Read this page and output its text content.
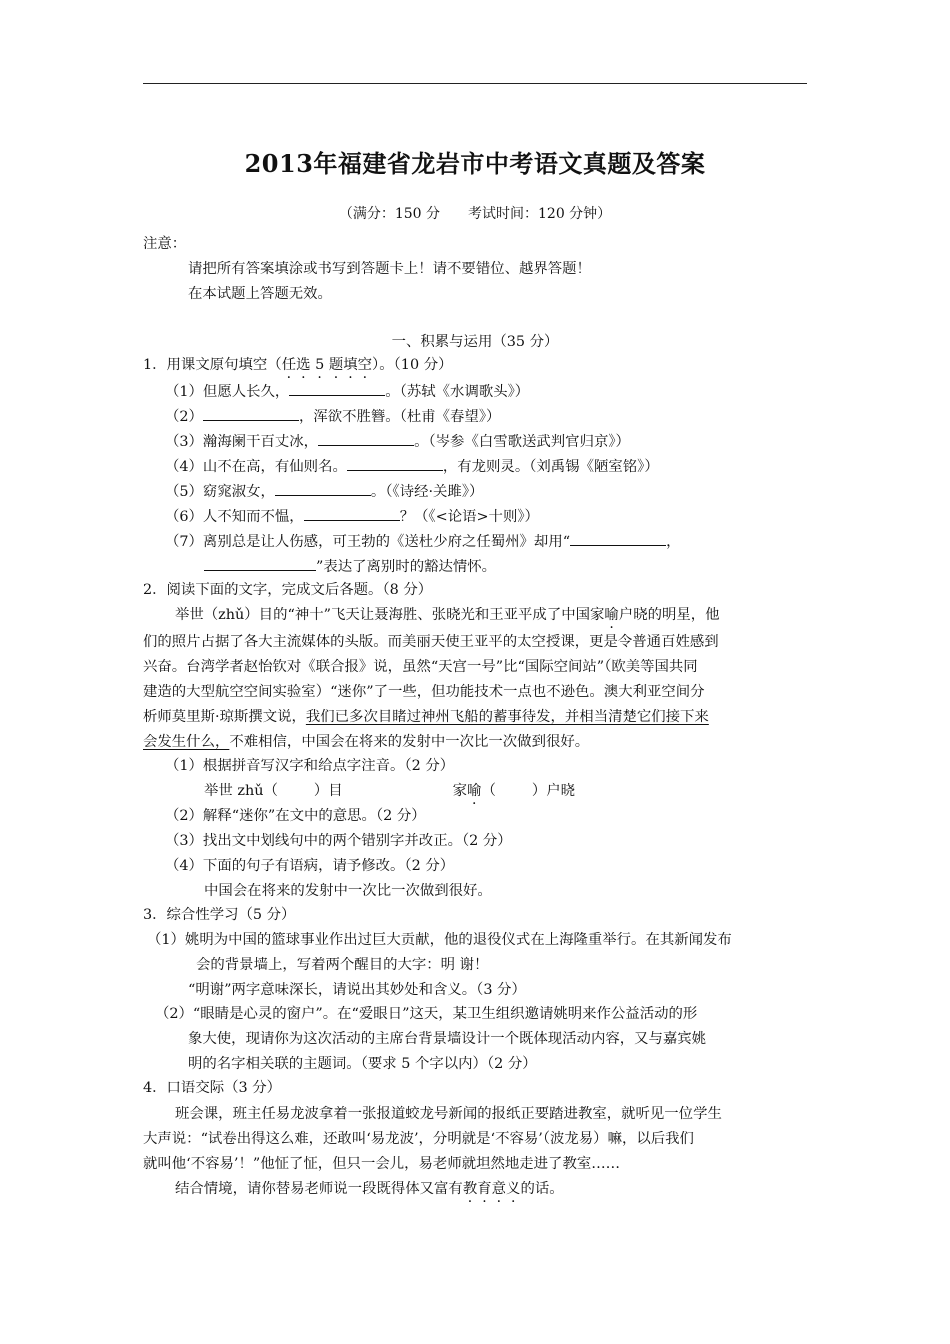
2013年福建省龙岩市中考语文真题及答案
（满分：150 分　　考试时间：120 分钟）
注意：
请把所有答案填涂或书写到答题卡上！请不要错位、越界答题！
在本试题上答题无效。
一、积累与运用（35 分）
1．用课文原句填空（任选 5 · 题填空）。（10 分）
（1）但愿人长久，	。（苏轼《水调歌头》）
（2）	，浑欲不胜簪。（杜甫《春望》）
（3）瀚海阑干百丈冰，	。（岑参《白雪歌送武判官归京》）
（4）山不在高，有仙则名。	，有龙则灵。（刘禹锡《陋室铭》）
（5）窈窕淑女，	。（《诗经·关雎》）
（6）人不知而不愠，	？（《<论语>十则》）
（7）离别总是让人伤感，可王勃的《送杜少府之任蜀州》却用“	，
”表达了离别时的豁达情怀。
2．阅读下面的文字，完成文后各题。（8 分）
举世（zhǔ）目的“神十”飞天让聂海胜、张晓光和王亚平成了中国家喻户晓的明星，他
们的照片占据了各大主流媒体的头版。而美丽天使王亚平的太空授课，更是令普通百姓感到
兴奋。台湾学者赵怡钦对《联合报》说，虽然“天宫一号”比“国际空间站”（欧美等国共同
建造的大型航空空间实验室）“迷你”了一些，但功能技术一点也不逊色。澳大利亚空间分
析师莫里斯·琼斯撰文说，我们已多次目睹过神州飞船的蓄事待发，并相当清楚它们接下来
会发生什么，不难相信，中国会在将来的发射中一次比一次做到很好。
（1）根据拼音写汉字和给点字注音。（2 分）
举世 zhǔ（	）目	家喻（	）户晓
（2）解释“迷你”在文中的意思。（2 分）
（3）找出文中划线句中的两个错别字并改正。（2 分）
（4）下面的句子有语病，请予修改。（2 分）
中国会在将来的发射中一次比一次做到很好。
3．综合性学习（5 分）
（1）姚明为中国的篮球事业作出过巨大贡献，他的退役仪式在上海隆重举行。在其新闻发布
会的背景墙上，写着两个醒目的大字：明 谢！
“明谢”两字意味深长，请说出其妙处和含义。（3 分）
（2）“眼睛是心灵的窗户”。在“爱眼日”这天，某卫生组织邀请姚明来作公益活动的形
象大使，现请你为这次活动的主席台背景墙设计一个既体现活动内容，又与嘉宾姚
明的名字相关联的主题词。（要求 5 个字以内）（2 分）
4．口语交际（3 分）
班会课，班主任易龙波拿着一张报道蛟龙号新闻的报纸正要踏进教室，就听见一位学生
大声说：“试卷出得这么难，还敢叫‘易龙波’，分明就是‘不容易’（波龙易）嘛，以后我们
就叫他‘不容易’！”他怔了怔，但只一会儿，易老师就坦然地走进了教室……
结合情境，请你替易老师说一段既得体又富有教育意义的话。
